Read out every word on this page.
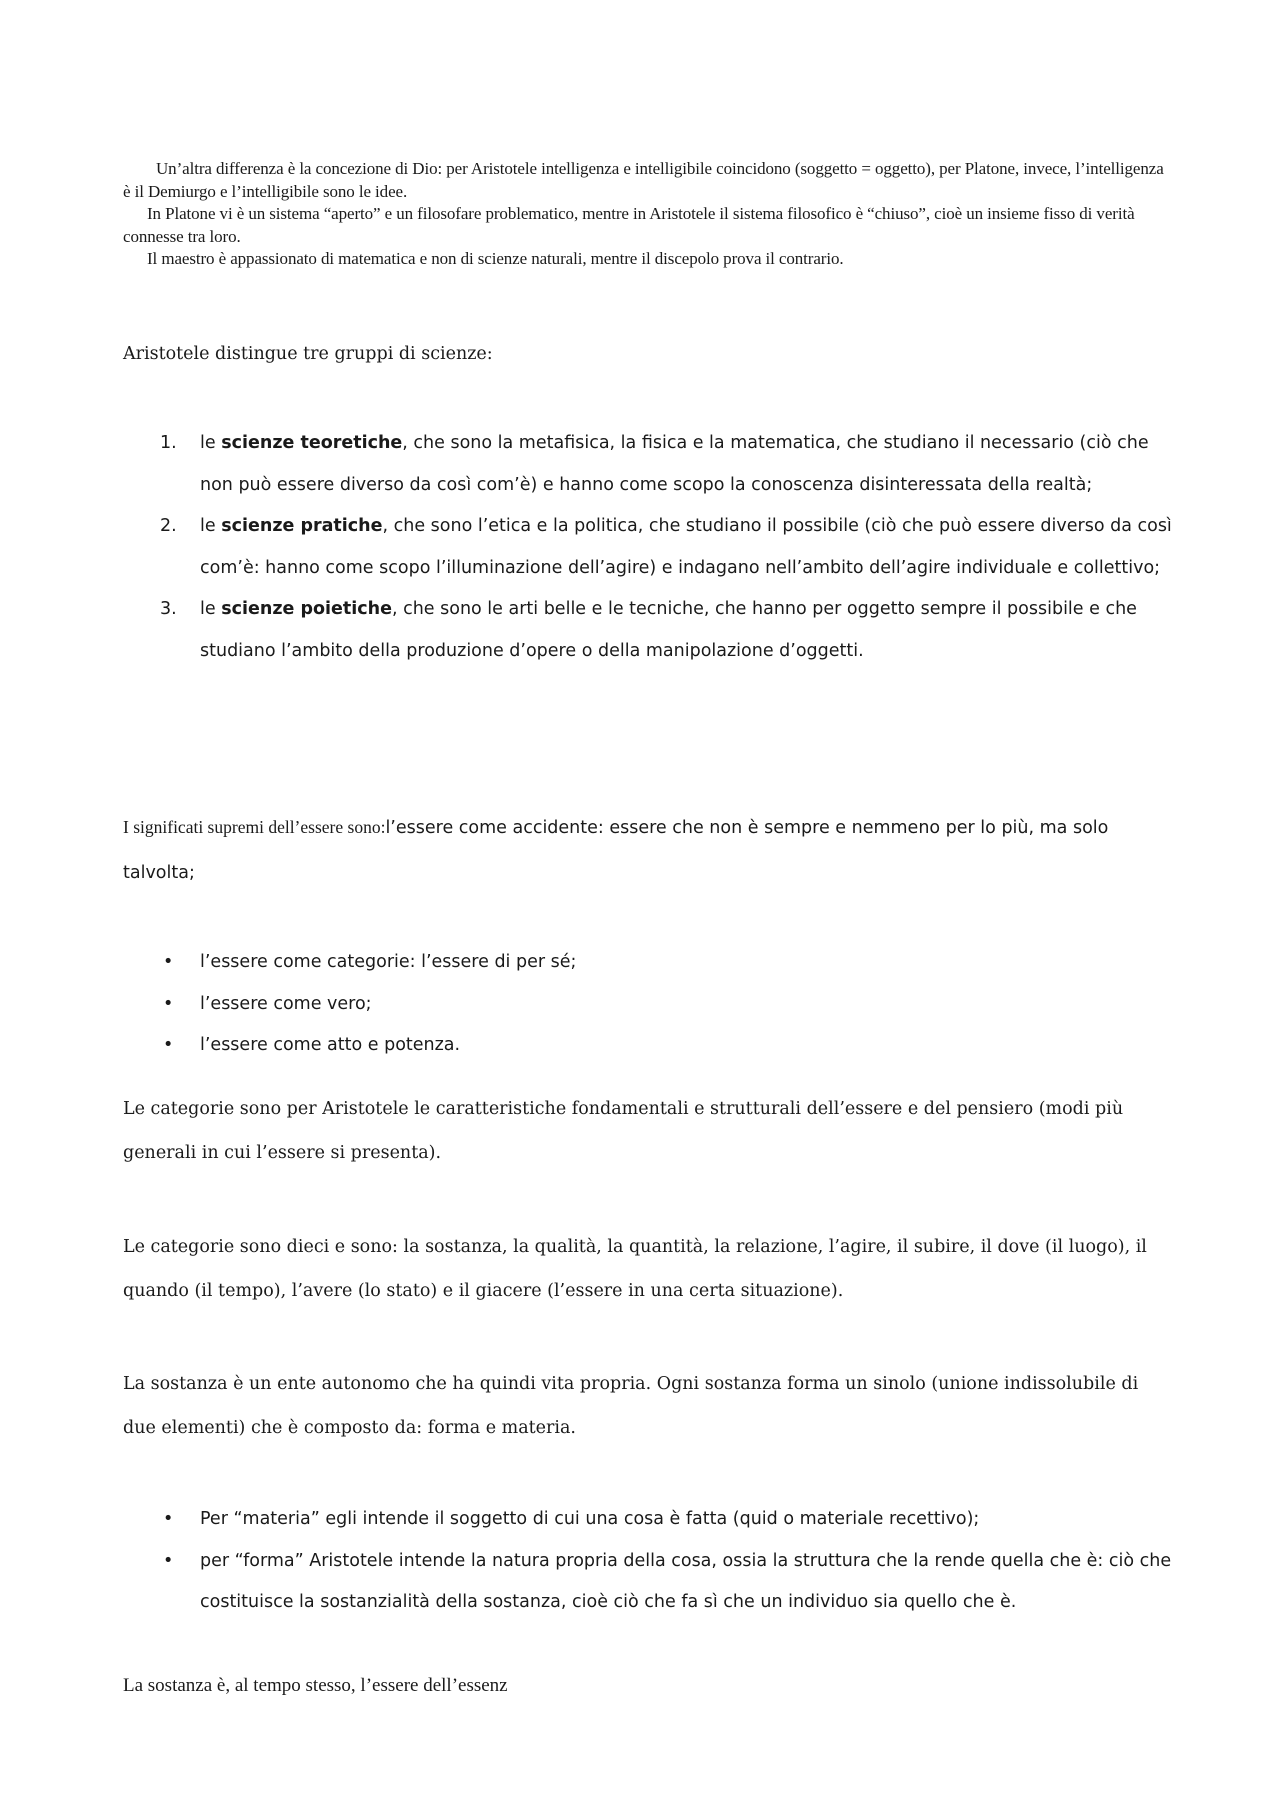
Un’altra differenza è la concezione di Dio: per Aristotele intelligenza e intelligibile coincidono (soggetto = oggetto), per Platone, invece, l’intelligenza è il Demiurgo e l’intelligibile sono le idee.

In Platone vi è un sistema “aperto” e un filosofare problematico, mentre in Aristotele il sistema filosofico è “chiuso”, cioè un insieme fisso di verità connesse tra loro.

Il maestro è appassionato di matematica e non di scienze naturali, mentre il discepolo prova il contrario.

Aristotele distingue tre gruppi di scienze:

1. le scienze teoretiche, che sono la metafisica, la fisica e la matematica, che studiano il necessario (ciò che non può essere diverso da così com’è) e hanno come scopo la conoscenza disinteressata della realtà;
2. le scienze pratiche, che sono l’etica e la politica, che studiano il possibile (ciò che può essere diverso da così com’è: hanno come scopo l’illuminazione dell’agire) e indagano nell’ambito dell’agire individuale e collettivo;
3. le scienze poietiche, che sono le arti belle e le tecniche, che hanno per oggetto sempre il possibile e che studiano l’ambito della produzione d’opere o della manipolazione d’oggetti.

I significati supremi dell’essere sono:l’essere come accidente: essere che non è sempre e nemmeno per lo più, ma solo talvolta;

• l’essere come categorie: l’essere di per sé;
• l’essere come vero;
• l’essere come atto e potenza.

Le categorie sono per Aristotele le caratteristiche fondamentali e strutturali dell’essere e del pensiero (modi più generali in cui l’essere si presenta).

Le categorie sono dieci e sono: la sostanza, la qualità, la quantità, la relazione, l’agire, il subire, il dove (il luogo), il quando (il tempo), l’avere (lo stato) e il giacere (l’essere in una certa situazione).

La sostanza è un ente autonomo che ha quindi vita propria. Ogni sostanza forma un sinolo (unione indissolubile di due elementi) che è composto da: forma e materia.

• Per “materia” egli intende il soggetto di cui una cosa è fatta (quid o materiale recettivo);
• per “forma” Aristotele intende la natura propria della cosa, ossia la struttura che la rende quella che è: ciò che costituisce la sostanzialità della sostanza, cioè ciò che fa sì che un individuo sia quello che è.

La sostanza è, al tempo stesso, l’essere dell’essenz
